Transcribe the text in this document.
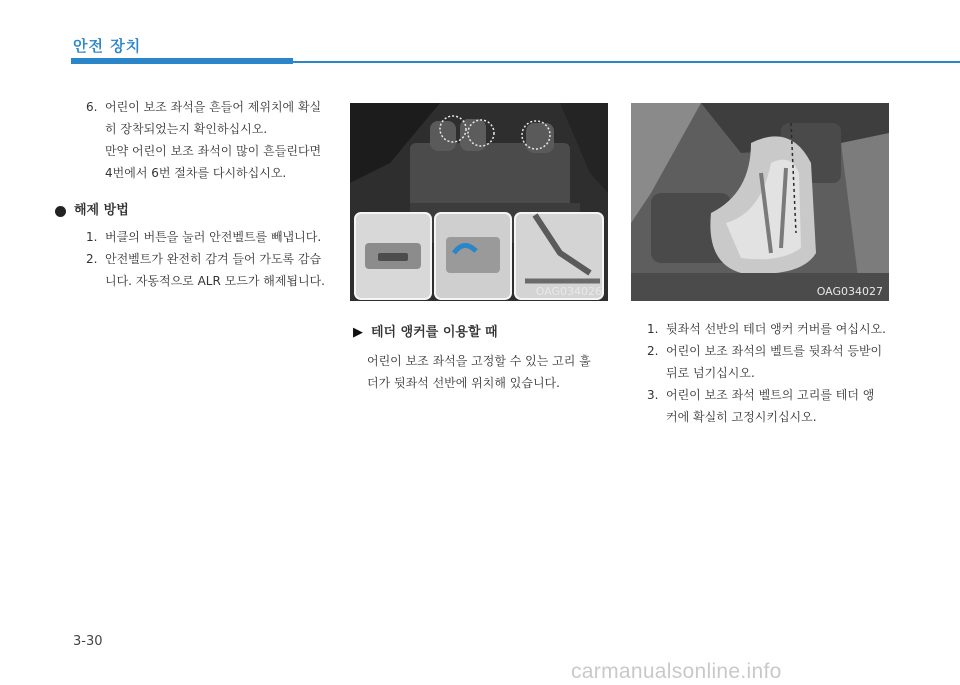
안전 장치
6. 어린이 보조 좌석을 흔들어 제위치에 확실
히 장착되었는지 확인하십시오.
만약 어린이 보조 좌석이 많이 흔들린다면
4번에서 6번 절차를 다시하십시오.
해제 방법
1. 버클의 버튼을 눌러 안전벨트를 빼냅니다.
2. 안전벨트가 완전히 감겨 들어 가도록 감습
니다. 자동적으로 ALR 모드가 해제됩니다.
OAG034026	OAG034027
▶ 테더 앵커를 이용할 때
어린이 보조 좌석을 고정할 수 있는 고리 훌
더가 뒷좌석 선반에 위치해 있습니다.
1. 뒷좌석 선반의 테더 앵커 커버를 여십시오.
2. 어린이 보조 좌석의 벨트를 뒷좌석 등받이
뒤로 넘기십시오.
3. 어린이 보조 좌석 벨트의 고리를 테더 앵
커에 확실히 고정시키십시오.
3-30
carmanualsonline.info
